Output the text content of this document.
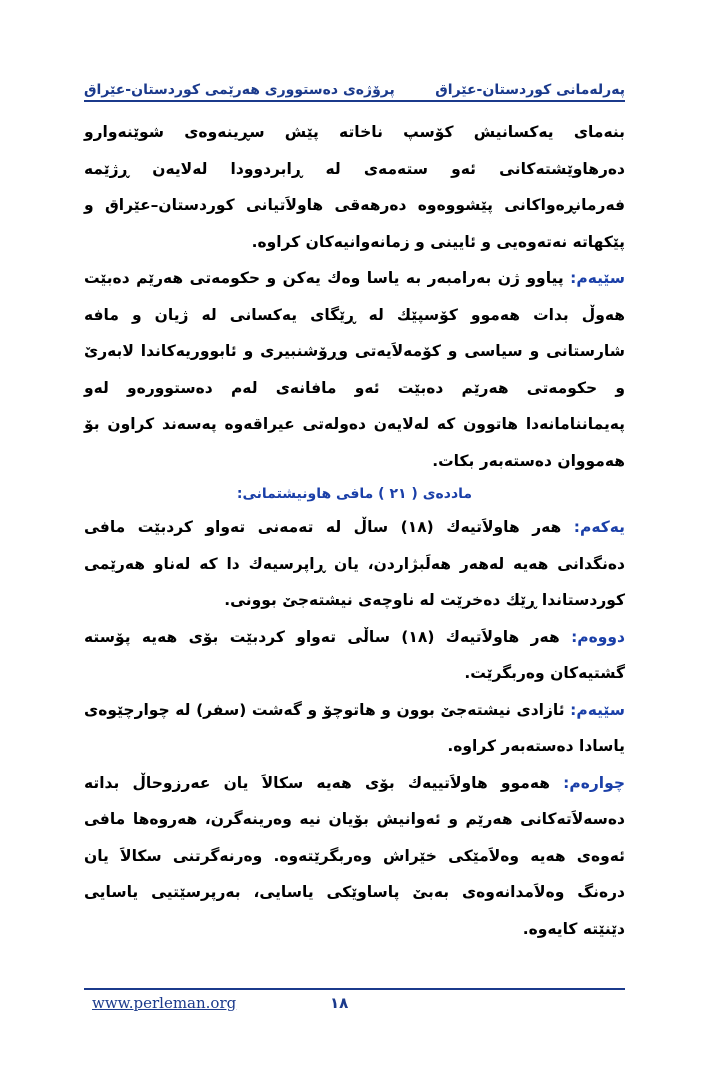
پەرلەمانی كوردستان-عێراق
پرۆژەی دەستووری هەرێمی كوردستان-عێراق

بنەمای یەكسانیش كۆسپ ناخاتە پێش سڕینەوەی شوێنەوارو دەرهاوێشتەكانی ئەو ستەمەی لە ڕابردوودا لەلایەن ڕژێمە فەرمانڕەواكانی پێشووەوە دەرهەقی هاولاَتیانی كوردستان–عێراق و پێكهاتە نەتەوەیی و ئایینی و زمانەوانیەكان كراوە.

سێیەم: پیاوو ژن بەرامبەر بە یاسا وەك یەكن و حكومەتی هەرێم دەبێت هەوڵ بدات هەموو كۆسپێك لە ڕێگای یەكسانی لە ژیان و مافە شارستانی و سیاسی و كۆمەلاَیەتی وڕۆشنبیری و ئابووریەكاندا لابەرێ و حكومەتی هەرێم دەبێت ئەو مافانەی لەم دەستوورەو لەو پەیماننامانەدا هاتوون كە لەلایەن دەولەتی عیراقەوە پەسەند كراون بۆ هەمووان دەستەبەر بكات.

ماددەی ( ٢١ ) مافی هاونیشتمانی:

یەكەم: هەر هاولاَتیەك (١٨) ساڵ لە تەمەنی تەواو كردبێت مافی دەنگدانی هەیە لەهەر هەلَبژاردن، یان ڕاپرسیەك دا كە لەناو هەرێمی كوردستاندا ڕێك دەخرێت لە ناوچەی نیشتەجێ بوونی.

دووەم: هەر هاولاَتیەك (١٨) ساڵی تەواو كردبێت بۆی هەیە پۆستە گشتیەكان وەربگرێت.

سێیەم: ئازادی نیشتەجێ بوون و هاتوچۆ و گەشت (سفر) لە چوارچێوەی یاسادا دەستەبەر كراوە.

چوارەم: هەموو هاولاَتییەك بۆی هەیە سكالاَ یان عەرزوحاڵ بداتە دەسەلاَتەكانی هەرێم و ئەوانیش بۆیان نیە وەرینەگرن، هەروەها مافی ئەوەی هەیە وەلاَمێكی خێراش وەربگرێتەوە. وەرنەگرتنی سكالاَ یان درەنگ وەلاَمدانەوەی بەبێ پاساوێكی یاسایی، بەرپرسێتیی یاسایی دێنێتە كایەوە.

www.perleman.org	١٨
